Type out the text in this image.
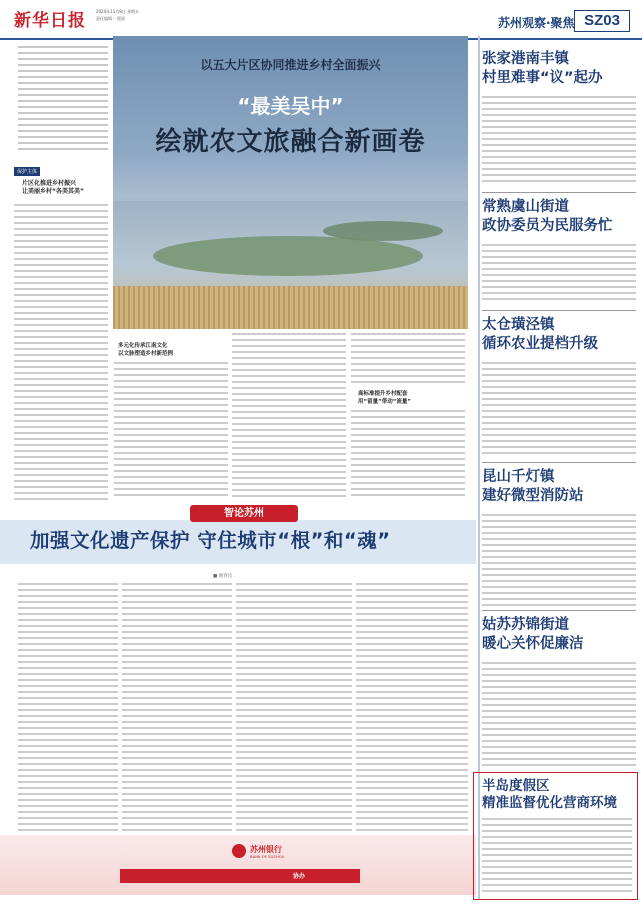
新华日报	2024年11月8日 星期五
责任编辑 ·· 版面	苏州观察·聚焦 SZ03
保护主体
片区化推进乡村振兴
让美丽乡村“各美其美”
以五大片区协同推进乡村全面振兴
“最美吴中”
绘就农文旅融合新画卷
多元化传承江南文化
以文脉塑造乡村新范例
高标准提升乡村配套
用“留量”带动“流量”
智论苏州
加强文化遗产保护 守住城市“根”和“魂”
■ 谢春昌
苏州银行
BANK OF SUZHOU
协办
张家港南丰镇
村里难事“议”起办
常熟虞山街道
政协委员为民服务忙
太仓璜泾镇
循环农业提档升级
昆山千灯镇
建好微型消防站
姑苏苏锦街道
暖心关怀促廉洁
半岛度假区
精准监督优化营商环境
